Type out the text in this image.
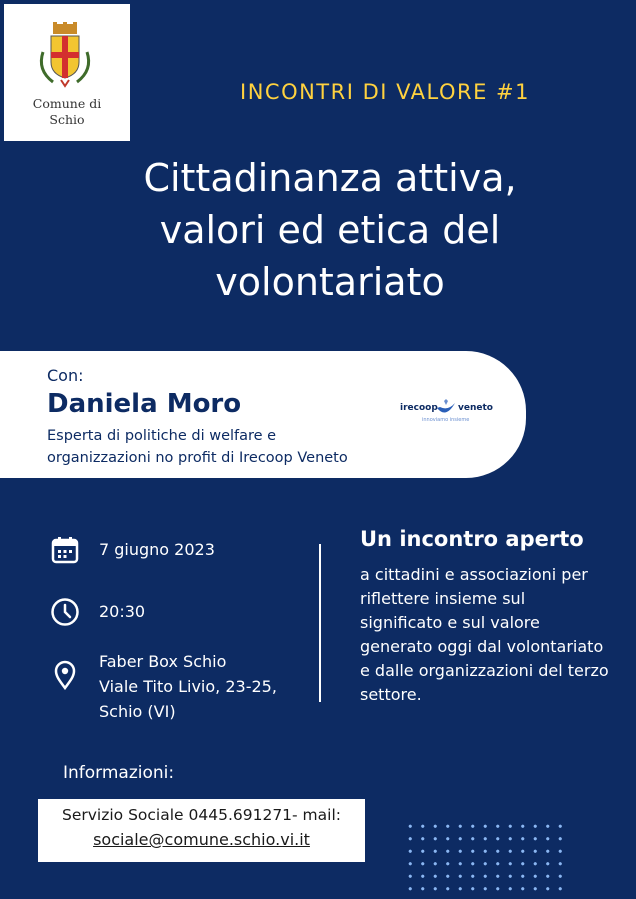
Comune di
Schio
INCONTRI DI VALORE #1
Cittadinanza attiva,
valori ed etica del
volontariato
Con:
Daniela Moro
Esperta di politiche di welfare e
organizzazioni no profit di Irecoop Veneto
irecoop veneto
innoviamo insieme
7 giugno 2023
20:30
Faber Box Schio
Viale Tito Livio, 23-25,
Schio (VI)
Un incontro aperto
a cittadini e associazioni per riflettere insieme sul significato e sul valore generato oggi dal volontariato e dalle organizzazioni del terzo settore.
Informazioni:
Servizio Sociale 0445.691271- mail:
sociale@comune.schio.vi.it
